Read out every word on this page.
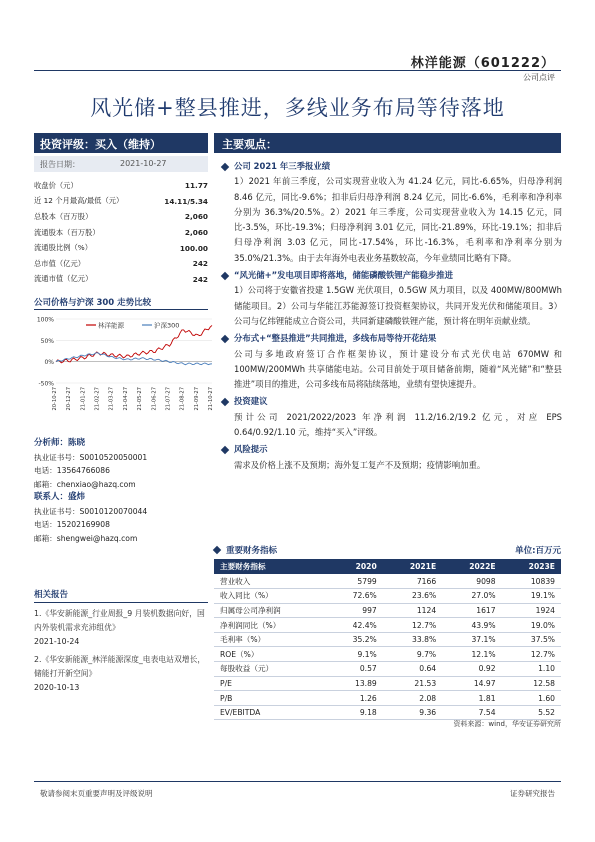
林洋能源（601222）
公司点评
风光储+整县推进，多线业务布局等待落地
投资评级：买入（维持）
报告日期：	2021-10-27
主要观点：
收盘价（元）	11.77
近 12 个月最高/最低（元）	14.11/5.34
总股本（百万股）	2,060
流通股本（百万股）	2,060
流通股比例（%）	100.00
总市值（亿元）	242
流通市值（亿元）	242
公司价格与沪深 300 走势比较
100%
50%
0%
-50%
20-10-27 20-12-27 21-01-27 21-02-27 21-03-27 21-04-27 21-05-27 21-06-27 21-07-27 21-08-27 21-09-27 21-10-27
林洋能源	沪深300
分析师：陈晓
执业证书号：S0010520050001
电话：13564766086
邮箱：chenxiao@hazq.com
联系人：盛炜
执业证书号：S0010120070044
电话：15202169908
邮箱：shengwei@hazq.com
相关报告
1.《华安新能源_行业周报_9 月装机数据向好，国内外装机需求充沛组优》
2021-10-24
2.《华安新能源_林洋能源深度_电表电站双增长，储能打开新空间》
2020-10-13
公司 2021 年三季报业绩
1）2021 年前三季度，公司实现营业收入为 41.24 亿元，同比-6.65%，归母净利润 8.46 亿元，同比-9.6%；扣非后归母净利润 8.24 亿元，同比-6.6%，毛利率和净利率分别为 36.3%/20.5%。2）2021 年三季度，公司实现营业收入为 14.15 亿元，同比-3.5%，环比-19.3%；归母净利润 3.01 亿元，同比-21.89%，环比-19.1%；扣非后归母净利润 3.03 亿元，同比-17.54%，环比-16.3%，毛利率和净利率分别为 35.0%/21.3%。由于去年海外电表业务基数较高，今年业绩同比略有下降。
“风光储+”发电项目即将落地，储能磷酸铁锂产能稳步推进
1）公司将于安徽省投建 1.5GW 光伏项目，0.5GW 风力项目，以及 400MW/800MWh 储能项目。2）公司与华能江苏能源签订投资框架协议，共同开发光伏和储能项目。3）公司与亿纬锂能成立合资公司，共同新建磷酸铁锂产能，预计将在明年贡献业绩。
分布式+“整县推进”共同推进，多线布局等待开花结果
公司与多地政府签订合作框架协议，预计建设分布式光伏电站 670MW 和 100MW/200MWh 共享储能电站。公司目前处于项目储备前期，随着“风光储”和“整县推进”项目的推进，公司多线布局将陆续落地，业绩有望快速提升。
投资建议
预计公司 2021/2022/2023 年净利润 11.2/16.2/19.2 亿元，对应 EPS 0.64/0.92/1.10 元，维持“买入”评级。
风险提示
需求及价格上涨不及预期；海外复工复产不及预期；疫情影响加重。
重要财务指标	单位:百万元
主要财务指标	2020	2021E	2022E	2023E
营业收入	5799	7166	9098	10839
收入同比（%）	72.6%	23.6%	27.0%	19.1%
归属母公司净利润	997	1124	1617	1924
净利润同比（%）	42.4%	12.7%	43.9%	19.0%
毛利率（%）	35.2%	33.8%	37.1%	37.5%
ROE（%）	9.1%	9.7%	12.1%	12.7%
每股收益（元）	0.57	0.64	0.92	1.10
P/E	13.89	21.53	14.97	12.58
P/B	1.26	2.08	1.81	1.60
EV/EBITDA	9.18	9.36	7.54	5.52
资料来源：wind，华安证券研究所
敬请参阅末页重要声明及评级说明	证券研究报告
